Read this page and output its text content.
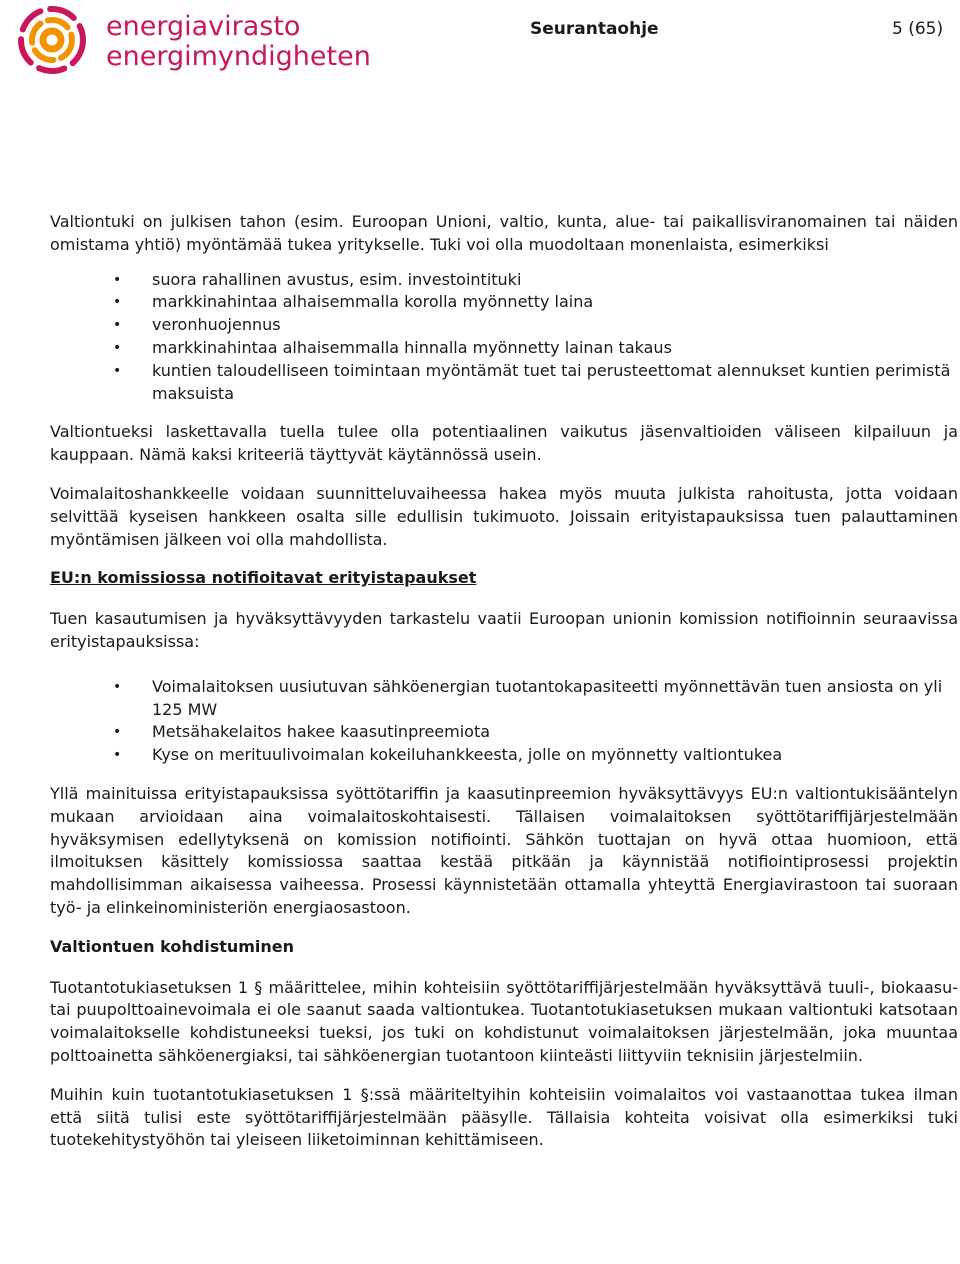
energiavirasto
energimyndigheten
Seurantaohje	5 (65)

Valtiontuki on julkisen tahon (esim. Euroopan Unioni, valtio, kunta, alue- tai paikallisviranomainen tai näiden omistama yhtiö) myöntämää tukea yritykselle. Tuki voi olla muodoltaan monenlaista, esimerkiksi

• suora rahallinen avustus, esim. investointituki
• markkinahintaa alhaisemmalla korolla myönnetty laina
• veronhuojennus
• markkinahintaa alhaisemmalla hinnalla myönnetty lainan takaus
• kuntien taloudelliseen toimintaan myöntämät tuet tai perusteettomat alennukset kuntien perimistä maksuista

Valtiontueksi laskettavalla tuella tulee olla potentiaalinen vaikutus jäsenvaltioiden väliseen kilpailuun ja kauppaan. Nämä kaksi kriteeriä täyttyvät käytännössä usein.

Voimalaitoshankkeelle voidaan suunnitteluvaiheessa hakea myös muuta julkista rahoitusta, jotta voidaan selvittää kyseisen hankkeen osalta sille edullisin tukimuoto. Joissain erityistapauksissa tuen palauttaminen myöntämisen jälkeen voi olla mahdollista.

EU:n komissiossa notifioitavat erityistapaukset

Tuen kasautumisen ja hyväksyttävyyden tarkastelu vaatii Euroopan unionin komission notifioinnin seuraavissa erityistapauksissa:

• Voimalaitoksen uusiutuvan sähköenergian tuotantokapasiteetti myönnettävän tuen ansiosta on yli 125 MW
• Metsähakelaitos hakee kaasutinpreemiota
• Kyse on merituulivoimalan kokeiluhankkeesta, jolle on myönnetty valtiontukea

Yllä mainituissa erityistapauksissa syöttötariffin ja kaasutinpreemion hyväksyttävyys EU:n valtiontukisääntelyn mukaan arvioidaan aina voimalaitoskohtaisesti. Tällaisen voimalaitoksen syöttötariffijärjestelmään hyväksymisen edellytyksenä on komission notifiointi. Sähkön tuottajan on hyvä ottaa huomioon, että ilmoituksen käsittely komissiossa saattaa kestää pitkään ja käynnistää notifiointiprosessi projektin mahdollisimman aikaisessa vaiheessa. Prosessi käynnistetään ottamalla yhteyttä Energiavirastoon tai suoraan työ- ja elinkeinoministeriön energiaosastoon.

Valtiontuen kohdistuminen

Tuotantotukiasetuksen 1 § määrittelee, mihin kohteisiin syöttötariffijärjestelmään hyväksyttävä tuuli-, biokaasu- tai puupolttoainevoimala ei ole saanut saada valtiontukea. Tuotantotukiasetuksen mukaan valtiontuki katsotaan voimalaitokselle kohdistuneeksi tueksi, jos tuki on kohdistunut voimalaitoksen järjestelmään, joka muuntaa polttoainetta sähköenergiaksi, tai sähköenergian tuotantoon kiinteästi liittyviin teknisiin järjestelmiin.

Muihin kuin tuotantotukiasetuksen 1 §:ssä määriteltyihin kohteisiin voimalaitos voi vastaanottaa tukea ilman että siitä tulisi este syöttötariffijärjestelmään pääsylle. Tällaisia kohteita voisivat olla esimerkiksi tuki tuotekehitystyöhön tai yleiseen liiketoiminnan kehittämiseen.
